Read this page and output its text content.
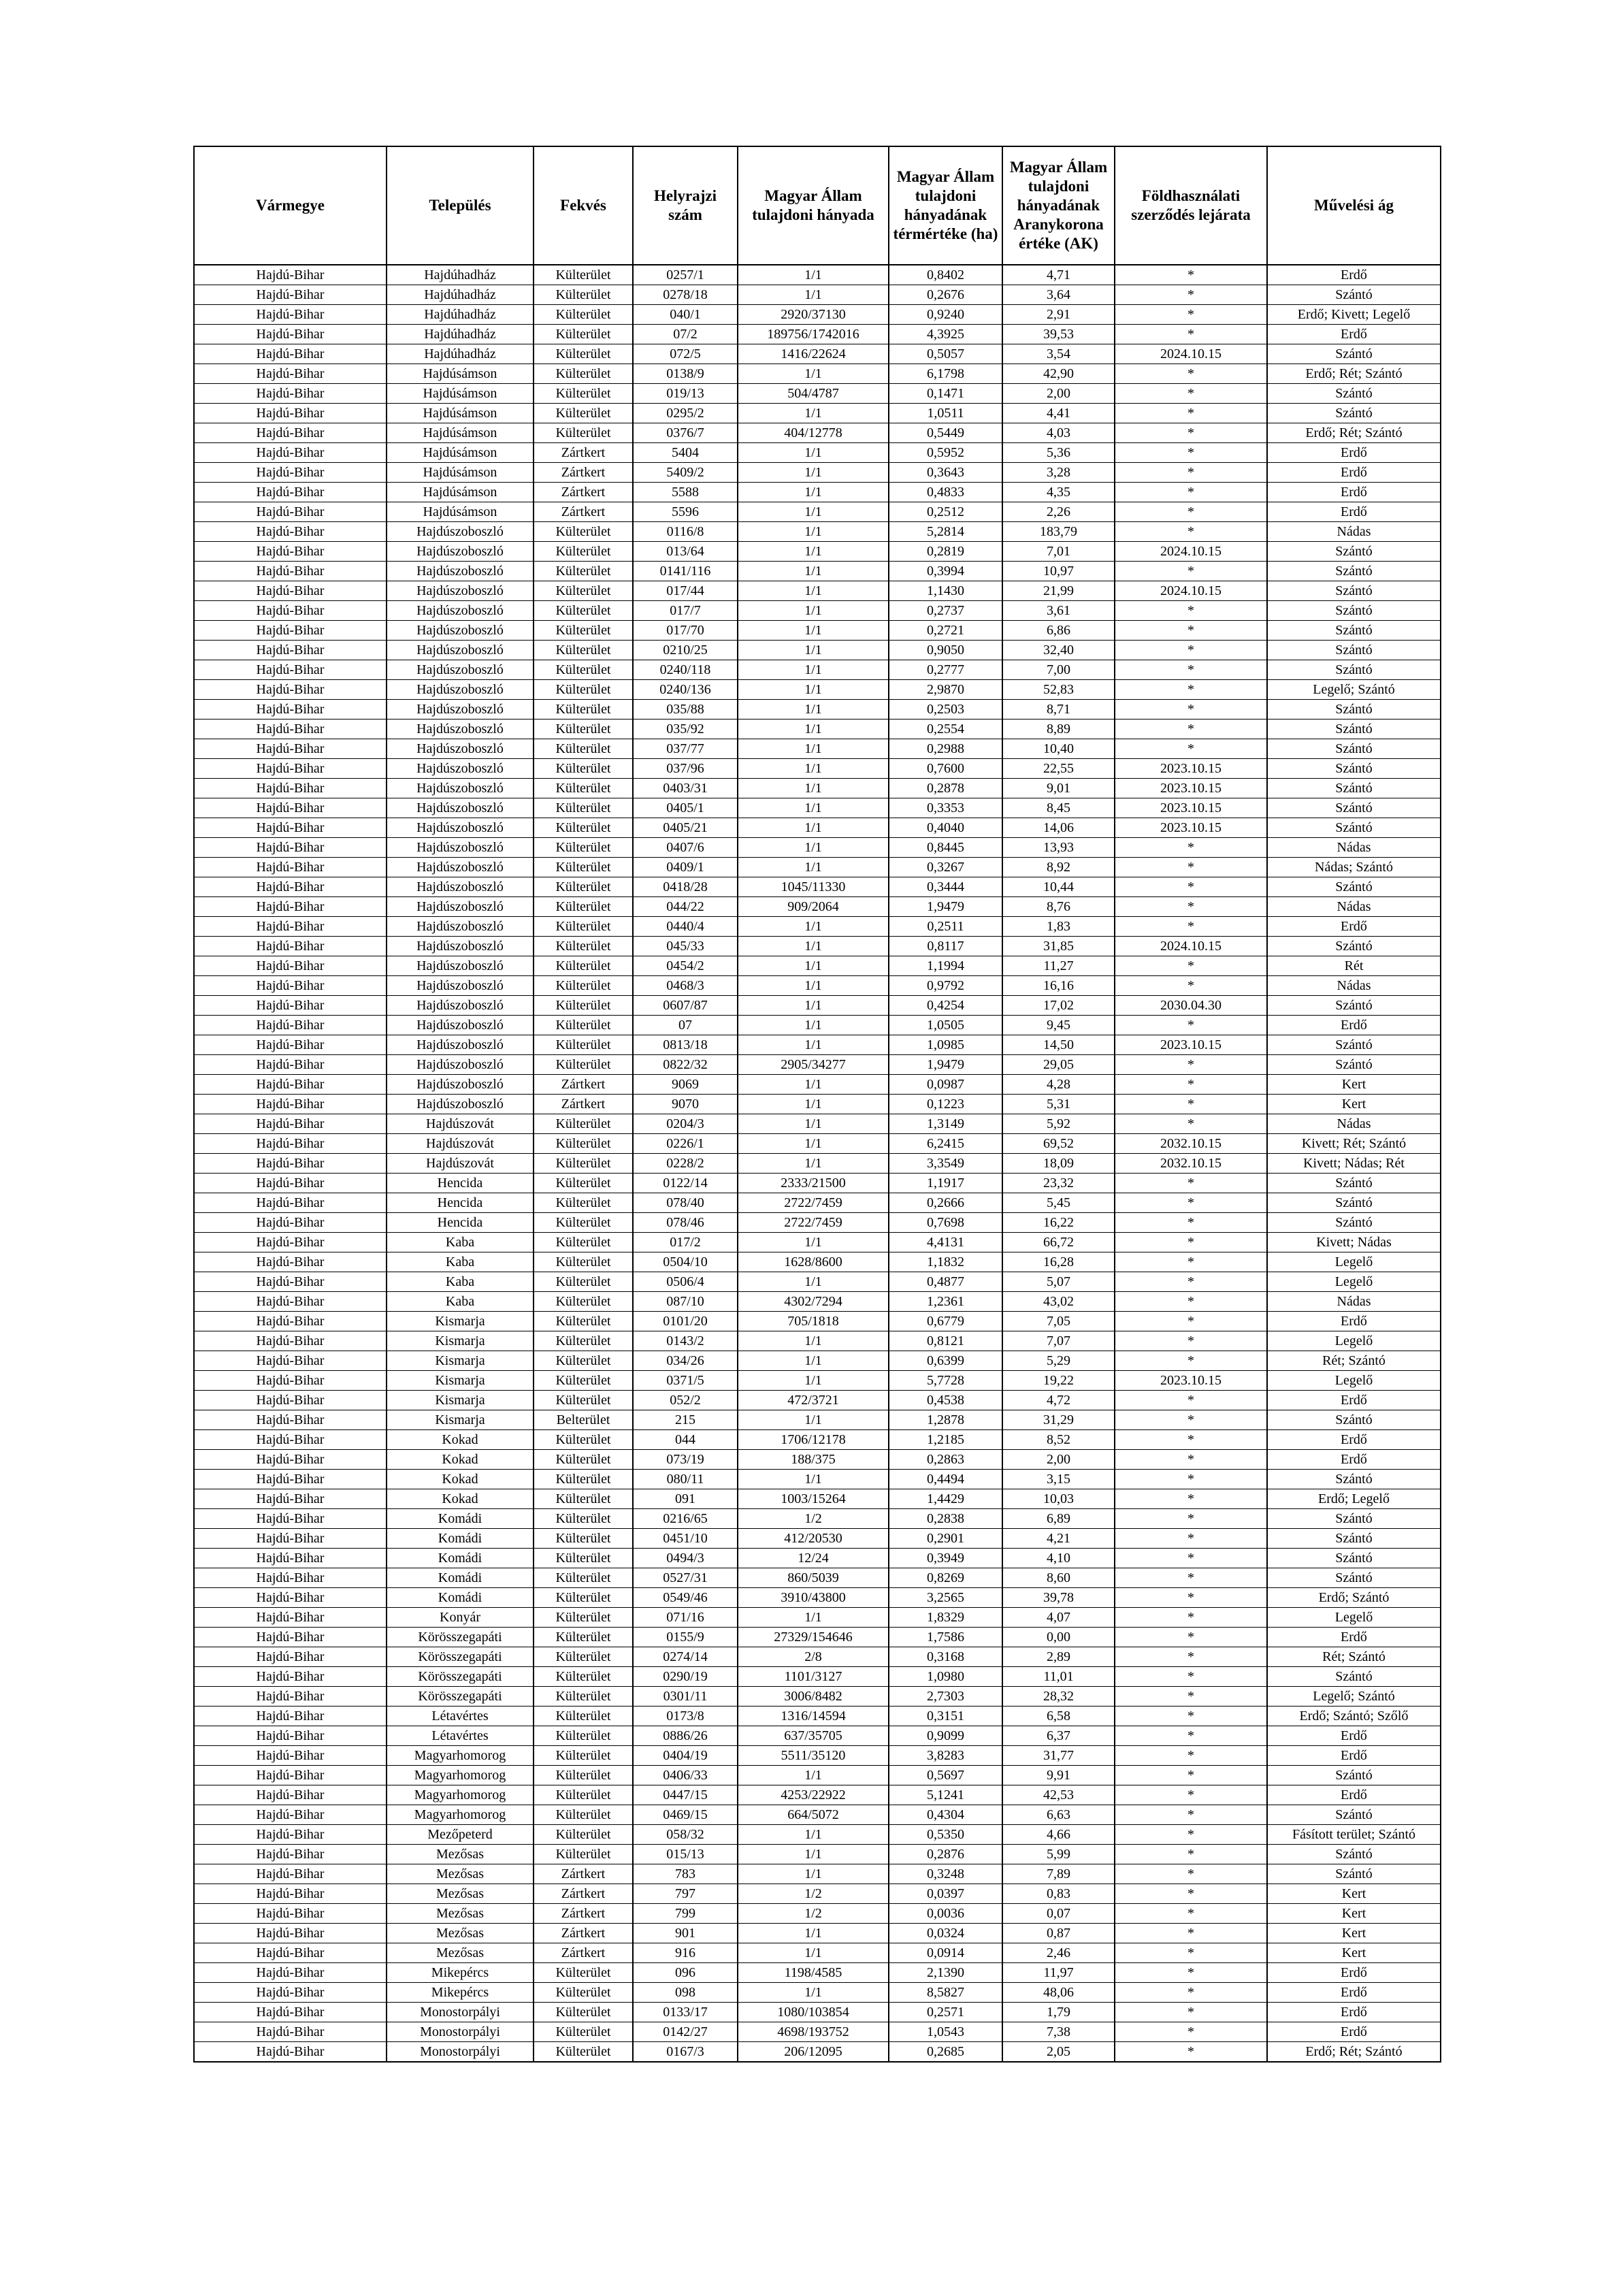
Vármegye	Település	Fekvés	Helyrajzi szám	Magyar Állam tulajdoni hányada	Magyar Állam tulajdoni hányadának térmértéke (ha)	Magyar Állam tulajdoni hányadának Aranykorona értéke (AK)	Földhasználati szerződés lejárata	Művelési ág
Hajdú-Bihar	Hajdúhadház	Külterület	0257/1	1/1	0,8402	4,71	*	Erdő
Hajdú-Bihar	Hajdúhadház	Külterület	0278/18	1/1	0,2676	3,64	*	Szántó
Hajdú-Bihar	Hajdúhadház	Külterület	040/1	2920/37130	0,9240	2,91	*	Erdő; Kivett; Legelő
Hajdú-Bihar	Hajdúhadház	Külterület	07/2	189756/1742016	4,3925	39,53	*	Erdő
Hajdú-Bihar	Hajdúhadház	Külterület	072/5	1416/22624	0,5057	3,54	2024.10.15	Szántó
Hajdú-Bihar	Hajdúsámson	Külterület	0138/9	1/1	6,1798	42,90	*	Erdő; Rét; Szántó
Hajdú-Bihar	Hajdúsámson	Külterület	019/13	504/4787	0,1471	2,00	*	Szántó
Hajdú-Bihar	Hajdúsámson	Külterület	0295/2	1/1	1,0511	4,41	*	Szántó
Hajdú-Bihar	Hajdúsámson	Külterület	0376/7	404/12778	0,5449	4,03	*	Erdő; Rét; Szántó
Hajdú-Bihar	Hajdúsámson	Zártkert	5404	1/1	0,5952	5,36	*	Erdő
Hajdú-Bihar	Hajdúsámson	Zártkert	5409/2	1/1	0,3643	3,28	*	Erdő
Hajdú-Bihar	Hajdúsámson	Zártkert	5588	1/1	0,4833	4,35	*	Erdő
Hajdú-Bihar	Hajdúsámson	Zártkert	5596	1/1	0,2512	2,26	*	Erdő
Hajdú-Bihar	Hajdúszoboszló	Külterület	0116/8	1/1	5,2814	183,79	*	Nádas
Hajdú-Bihar	Hajdúszoboszló	Külterület	013/64	1/1	0,2819	7,01	2024.10.15	Szántó
Hajdú-Bihar	Hajdúszoboszló	Külterület	0141/116	1/1	0,3994	10,97	*	Szántó
Hajdú-Bihar	Hajdúszoboszló	Külterület	017/44	1/1	1,1430	21,99	2024.10.15	Szántó
Hajdú-Bihar	Hajdúszoboszló	Külterület	017/7	1/1	0,2737	3,61	*	Szántó
Hajdú-Bihar	Hajdúszoboszló	Külterület	017/70	1/1	0,2721	6,86	*	Szántó
Hajdú-Bihar	Hajdúszoboszló	Külterület	0210/25	1/1	0,9050	32,40	*	Szántó
Hajdú-Bihar	Hajdúszoboszló	Külterület	0240/118	1/1	0,2777	7,00	*	Szántó
Hajdú-Bihar	Hajdúszoboszló	Külterület	0240/136	1/1	2,9870	52,83	*	Legelő; Szántó
Hajdú-Bihar	Hajdúszoboszló	Külterület	035/88	1/1	0,2503	8,71	*	Szántó
Hajdú-Bihar	Hajdúszoboszló	Külterület	035/92	1/1	0,2554	8,89	*	Szántó
Hajdú-Bihar	Hajdúszoboszló	Külterület	037/77	1/1	0,2988	10,40	*	Szántó
Hajdú-Bihar	Hajdúszoboszló	Külterület	037/96	1/1	0,7600	22,55	2023.10.15	Szántó
Hajdú-Bihar	Hajdúszoboszló	Külterület	0403/31	1/1	0,2878	9,01	2023.10.15	Szántó
Hajdú-Bihar	Hajdúszoboszló	Külterület	0405/1	1/1	0,3353	8,45	2023.10.15	Szántó
Hajdú-Bihar	Hajdúszoboszló	Külterület	0405/21	1/1	0,4040	14,06	2023.10.15	Szántó
Hajdú-Bihar	Hajdúszoboszló	Külterület	0407/6	1/1	0,8445	13,93	*	Nádas
Hajdú-Bihar	Hajdúszoboszló	Külterület	0409/1	1/1	0,3267	8,92	*	Nádas; Szántó
Hajdú-Bihar	Hajdúszoboszló	Külterület	0418/28	1045/11330	0,3444	10,44	*	Szántó
Hajdú-Bihar	Hajdúszoboszló	Külterület	044/22	909/2064	1,9479	8,76	*	Nádas
Hajdú-Bihar	Hajdúszoboszló	Külterület	0440/4	1/1	0,2511	1,83	*	Erdő
Hajdú-Bihar	Hajdúszoboszló	Külterület	045/33	1/1	0,8117	31,85	2024.10.15	Szántó
Hajdú-Bihar	Hajdúszoboszló	Külterület	0454/2	1/1	1,1994	11,27	*	Rét
Hajdú-Bihar	Hajdúszoboszló	Külterület	0468/3	1/1	0,9792	16,16	*	Nádas
Hajdú-Bihar	Hajdúszoboszló	Külterület	0607/87	1/1	0,4254	17,02	2030.04.30	Szántó
Hajdú-Bihar	Hajdúszoboszló	Külterület	07	1/1	1,0505	9,45	*	Erdő
Hajdú-Bihar	Hajdúszoboszló	Külterület	0813/18	1/1	1,0985	14,50	2023.10.15	Szántó
Hajdú-Bihar	Hajdúszoboszló	Külterület	0822/32	2905/34277	1,9479	29,05	*	Szántó
Hajdú-Bihar	Hajdúszoboszló	Zártkert	9069	1/1	0,0987	4,28	*	Kert
Hajdú-Bihar	Hajdúszoboszló	Zártkert	9070	1/1	0,1223	5,31	*	Kert
Hajdú-Bihar	Hajdúszovát	Külterület	0204/3	1/1	1,3149	5,92	*	Nádas
Hajdú-Bihar	Hajdúszovát	Külterület	0226/1	1/1	6,2415	69,52	2032.10.15	Kivett; Rét; Szántó
Hajdú-Bihar	Hajdúszovát	Külterület	0228/2	1/1	3,3549	18,09	2032.10.15	Kivett; Nádas; Rét
Hajdú-Bihar	Hencida	Külterület	0122/14	2333/21500	1,1917	23,32	*	Szántó
Hajdú-Bihar	Hencida	Külterület	078/40	2722/7459	0,2666	5,45	*	Szántó
Hajdú-Bihar	Hencida	Külterület	078/46	2722/7459	0,7698	16,22	*	Szántó
Hajdú-Bihar	Kaba	Külterület	017/2	1/1	4,4131	66,72	*	Kivett; Nádas
Hajdú-Bihar	Kaba	Külterület	0504/10	1628/8600	1,1832	16,28	*	Legelő
Hajdú-Bihar	Kaba	Külterület	0506/4	1/1	0,4877	5,07	*	Legelő
Hajdú-Bihar	Kaba	Külterület	087/10	4302/7294	1,2361	43,02	*	Nádas
Hajdú-Bihar	Kismarja	Külterület	0101/20	705/1818	0,6779	7,05	*	Erdő
Hajdú-Bihar	Kismarja	Külterület	0143/2	1/1	0,8121	7,07	*	Legelő
Hajdú-Bihar	Kismarja	Külterület	034/26	1/1	0,6399	5,29	*	Rét; Szántó
Hajdú-Bihar	Kismarja	Külterület	0371/5	1/1	5,7728	19,22	2023.10.15	Legelő
Hajdú-Bihar	Kismarja	Külterület	052/2	472/3721	0,4538	4,72	*	Erdő
Hajdú-Bihar	Kismarja	Belterület	215	1/1	1,2878	31,29	*	Szántó
Hajdú-Bihar	Kokad	Külterület	044	1706/12178	1,2185	8,52	*	Erdő
Hajdú-Bihar	Kokad	Külterület	073/19	188/375	0,2863	2,00	*	Erdő
Hajdú-Bihar	Kokad	Külterület	080/11	1/1	0,4494	3,15	*	Szántó
Hajdú-Bihar	Kokad	Külterület	091	1003/15264	1,4429	10,03	*	Erdő; Legelő
Hajdú-Bihar	Komádi	Külterület	0216/65	1/2	0,2838	6,89	*	Szántó
Hajdú-Bihar	Komádi	Külterület	0451/10	412/20530	0,2901	4,21	*	Szántó
Hajdú-Bihar	Komádi	Külterület	0494/3	12/24	0,3949	4,10	*	Szántó
Hajdú-Bihar	Komádi	Külterület	0527/31	860/5039	0,8269	8,60	*	Szántó
Hajdú-Bihar	Komádi	Külterület	0549/46	3910/43800	3,2565	39,78	*	Erdő; Szántó
Hajdú-Bihar	Konyár	Külterület	071/16	1/1	1,8329	4,07	*	Legelő
Hajdú-Bihar	Körösszegapáti	Külterület	0155/9	27329/154646	1,7586	0,00	*	Erdő
Hajdú-Bihar	Körösszegapáti	Külterület	0274/14	2/8	0,3168	2,89	*	Rét; Szántó
Hajdú-Bihar	Körösszegapáti	Külterület	0290/19	1101/3127	1,0980	11,01	*	Szántó
Hajdú-Bihar	Körösszegapáti	Külterület	0301/11	3006/8482	2,7303	28,32	*	Legelő; Szántó
Hajdú-Bihar	Létavértes	Külterület	0173/8	1316/14594	0,3151	6,58	*	Erdő; Szántó; Szőlő
Hajdú-Bihar	Létavértes	Külterület	0886/26	637/35705	0,9099	6,37	*	Erdő
Hajdú-Bihar	Magyarhomorog	Külterület	0404/19	5511/35120	3,8283	31,77	*	Erdő
Hajdú-Bihar	Magyarhomorog	Külterület	0406/33	1/1	0,5697	9,91	*	Szántó
Hajdú-Bihar	Magyarhomorog	Külterület	0447/15	4253/22922	5,1241	42,53	*	Erdő
Hajdú-Bihar	Magyarhomorog	Külterület	0469/15	664/5072	0,4304	6,63	*	Szántó
Hajdú-Bihar	Mezőpeterd	Külterület	058/32	1/1	0,5350	4,66	*	Fásított terület; Szántó
Hajdú-Bihar	Mezősas	Külterület	015/13	1/1	0,2876	5,99	*	Szántó
Hajdú-Bihar	Mezősas	Zártkert	783	1/1	0,3248	7,89	*	Szántó
Hajdú-Bihar	Mezősas	Zártkert	797	1/2	0,0397	0,83	*	Kert
Hajdú-Bihar	Mezősas	Zártkert	799	1/2	0,0036	0,07	*	Kert
Hajdú-Bihar	Mezősas	Zártkert	901	1/1	0,0324	0,87	*	Kert
Hajdú-Bihar	Mezősas	Zártkert	916	1/1	0,0914	2,46	*	Kert
Hajdú-Bihar	Mikepércs	Külterület	096	1198/4585	2,1390	11,97	*	Erdő
Hajdú-Bihar	Mikepércs	Külterület	098	1/1	8,5827	48,06	*	Erdő
Hajdú-Bihar	Monostorpályi	Külterület	0133/17	1080/103854	0,2571	1,79	*	Erdő
Hajdú-Bihar	Monostorpályi	Külterület	0142/27	4698/193752	1,0543	7,38	*	Erdő
Hajdú-Bihar	Monostorpályi	Külterület	0167/3	206/12095	0,2685	2,05	*	Erdő; Rét; Szántó
